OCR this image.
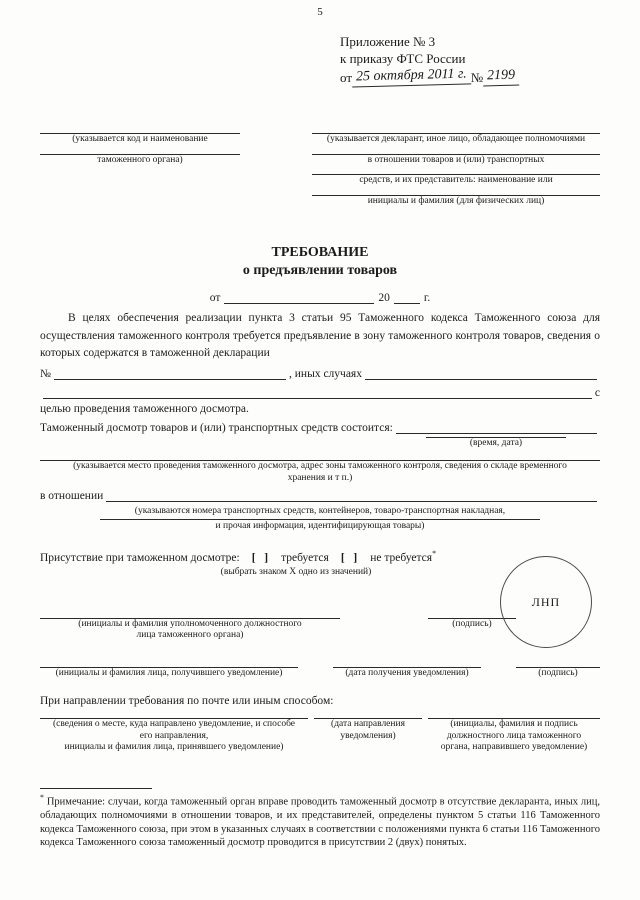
5
Приложение № 3
к приказу ФТС России
от 25 октября 2011 г. № 2199
(указывается код и наименование
таможенного органа)
(указывается декларант, иное лицо, обладающее полномочиями
в отношении товаров и (или) транспортных
средств, и их представитель: наименование или
инициалы и фамилия (для физических лиц)
ТРЕБОВАНИЕ
о предъявлении товаров
от	20	г.

В целях обеспечения реализации пункта 3 статьи 95 Таможенного кодекса Таможенного союза для осуществления таможенного контроля требуется предъявление в зону таможенного контроля товаров, сведения о которых содержатся в таможенной декларации

№	, иных случаях
с
целью проведения таможенного досмотра.
Таможенный досмотр товаров и (или) транспортных средств состоится:
(время, дата)
(указывается место проведения таможенного досмотра, адрес зоны таможенного контроля, сведения о складе временного
хранения и т п.)
в отношении
(указываются номера транспортных средств, контейнеров, товаро-транспортная накладная,
и прочая информация, идентифицирующая товары)
Присутствие при таможенном досмотре: [  ] требуется [  ] не требуется*
(выбрать знаком Х одно из значений)
(инициалы и фамилия уполномоченного должностного
лица таможенного органа)
(подпись)
(инициалы и фамилия лица, получившего уведомление)	(дата получения уведомления)	(подпись)
При направлении требования по почте или иным способом:
(сведения о месте, куда направлено уведомление, и способе
его направления,
инициалы и фамилия лица, принявшего уведомление)
(дата направления
уведомления)
(инициалы, фамилия и подпись
должностного лица таможенного
органа, направившего уведомление)

* Примечание: случаи, когда таможенный орган вправе проводить таможенный досмотр в отсутствие декларанта, иных лиц, обладающих полномочиями в отношении товаров, и их представителей, определены пунктом 5 статьи 116 Таможенного кодекса Таможенного союза, при этом в указанных случаях в соответствии с положениями пункта 6 статьи 116 Таможенного кодекса Таможенного союза таможенный досмотр проводится в присутствии 2 (двух) понятых.

ЛНП
